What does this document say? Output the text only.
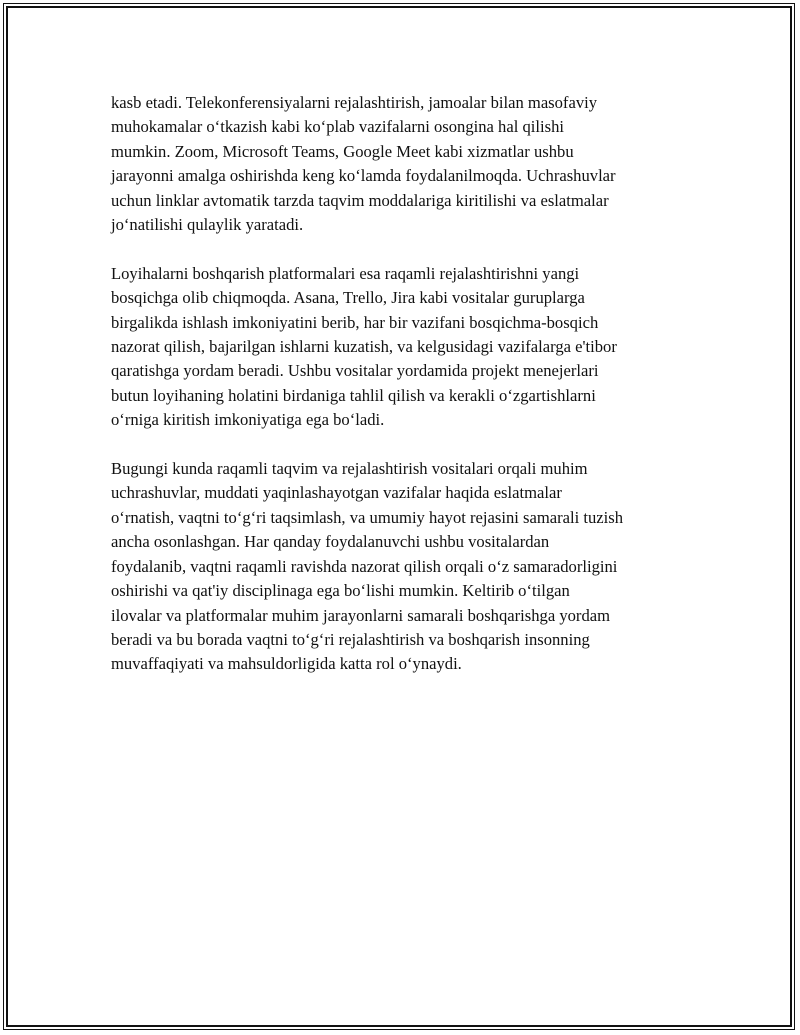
kasb etadi. Telekonferensiyalarni rejalashtirish, jamoalar bilan masofaviy
muhokamalar o‘tkazish kabi ko‘plab vazifalarni osongina hal qilishi
mumkin. Zoom, Microsoft Teams, Google Meet kabi xizmatlar ushbu
jarayonni amalga oshirishda keng ko‘lamda foydalanilmoqda. Uchrashuvlar
uchun linklar avtomatik tarzda taqvim moddalariga kiritilishi va eslatmalar
jo‘natilishi qulaylik yaratadi.

Loyihalarni boshqarish platformalari esa raqamli rejalashtirishni yangi
bosqichga olib chiqmoqda. Asana, Trello, Jira kabi vositalar guruplarga
birgalikda ishlash imkoniyatini berib, har bir vazifani bosqichma-bosqich
nazorat qilish, bajarilgan ishlarni kuzatish, va kelgusidagi vazifalarga e'tibor
qaratishga yordam beradi. Ushbu vositalar yordamida projekt menejerlari
butun loyihaning holatini birdaniga tahlil qilish va kerakli o‘zgartishlarni
o‘rniga kiritish imkoniyatiga ega bo‘ladi.

Bugungi kunda raqamli taqvim va rejalashtirish vositalari orqali muhim
uchrashuvlar, muddati yaqinlashayotgan vazifalar haqida eslatmalar
o‘rnatish, vaqtni to‘g‘ri taqsimlash, va umumiy hayot rejasini samarali tuzish
ancha osonlashgan. Har qanday foydalanuvchi ushbu vositalardan
foydalanib, vaqtni raqamli ravishda nazorat qilish orqali o‘z samaradorligini
oshirishi va qat'iy disciplinaga ega bo‘lishi mumkin. Keltirib o‘tilgan
ilovalar va platformalar muhim jarayonlarni samarali boshqarishga yordam
beradi va bu borada vaqtni to‘g‘ri rejalashtirish va boshqarish insonning
muvaffaqiyati va mahsuldorligida katta rol o‘ynaydi.
